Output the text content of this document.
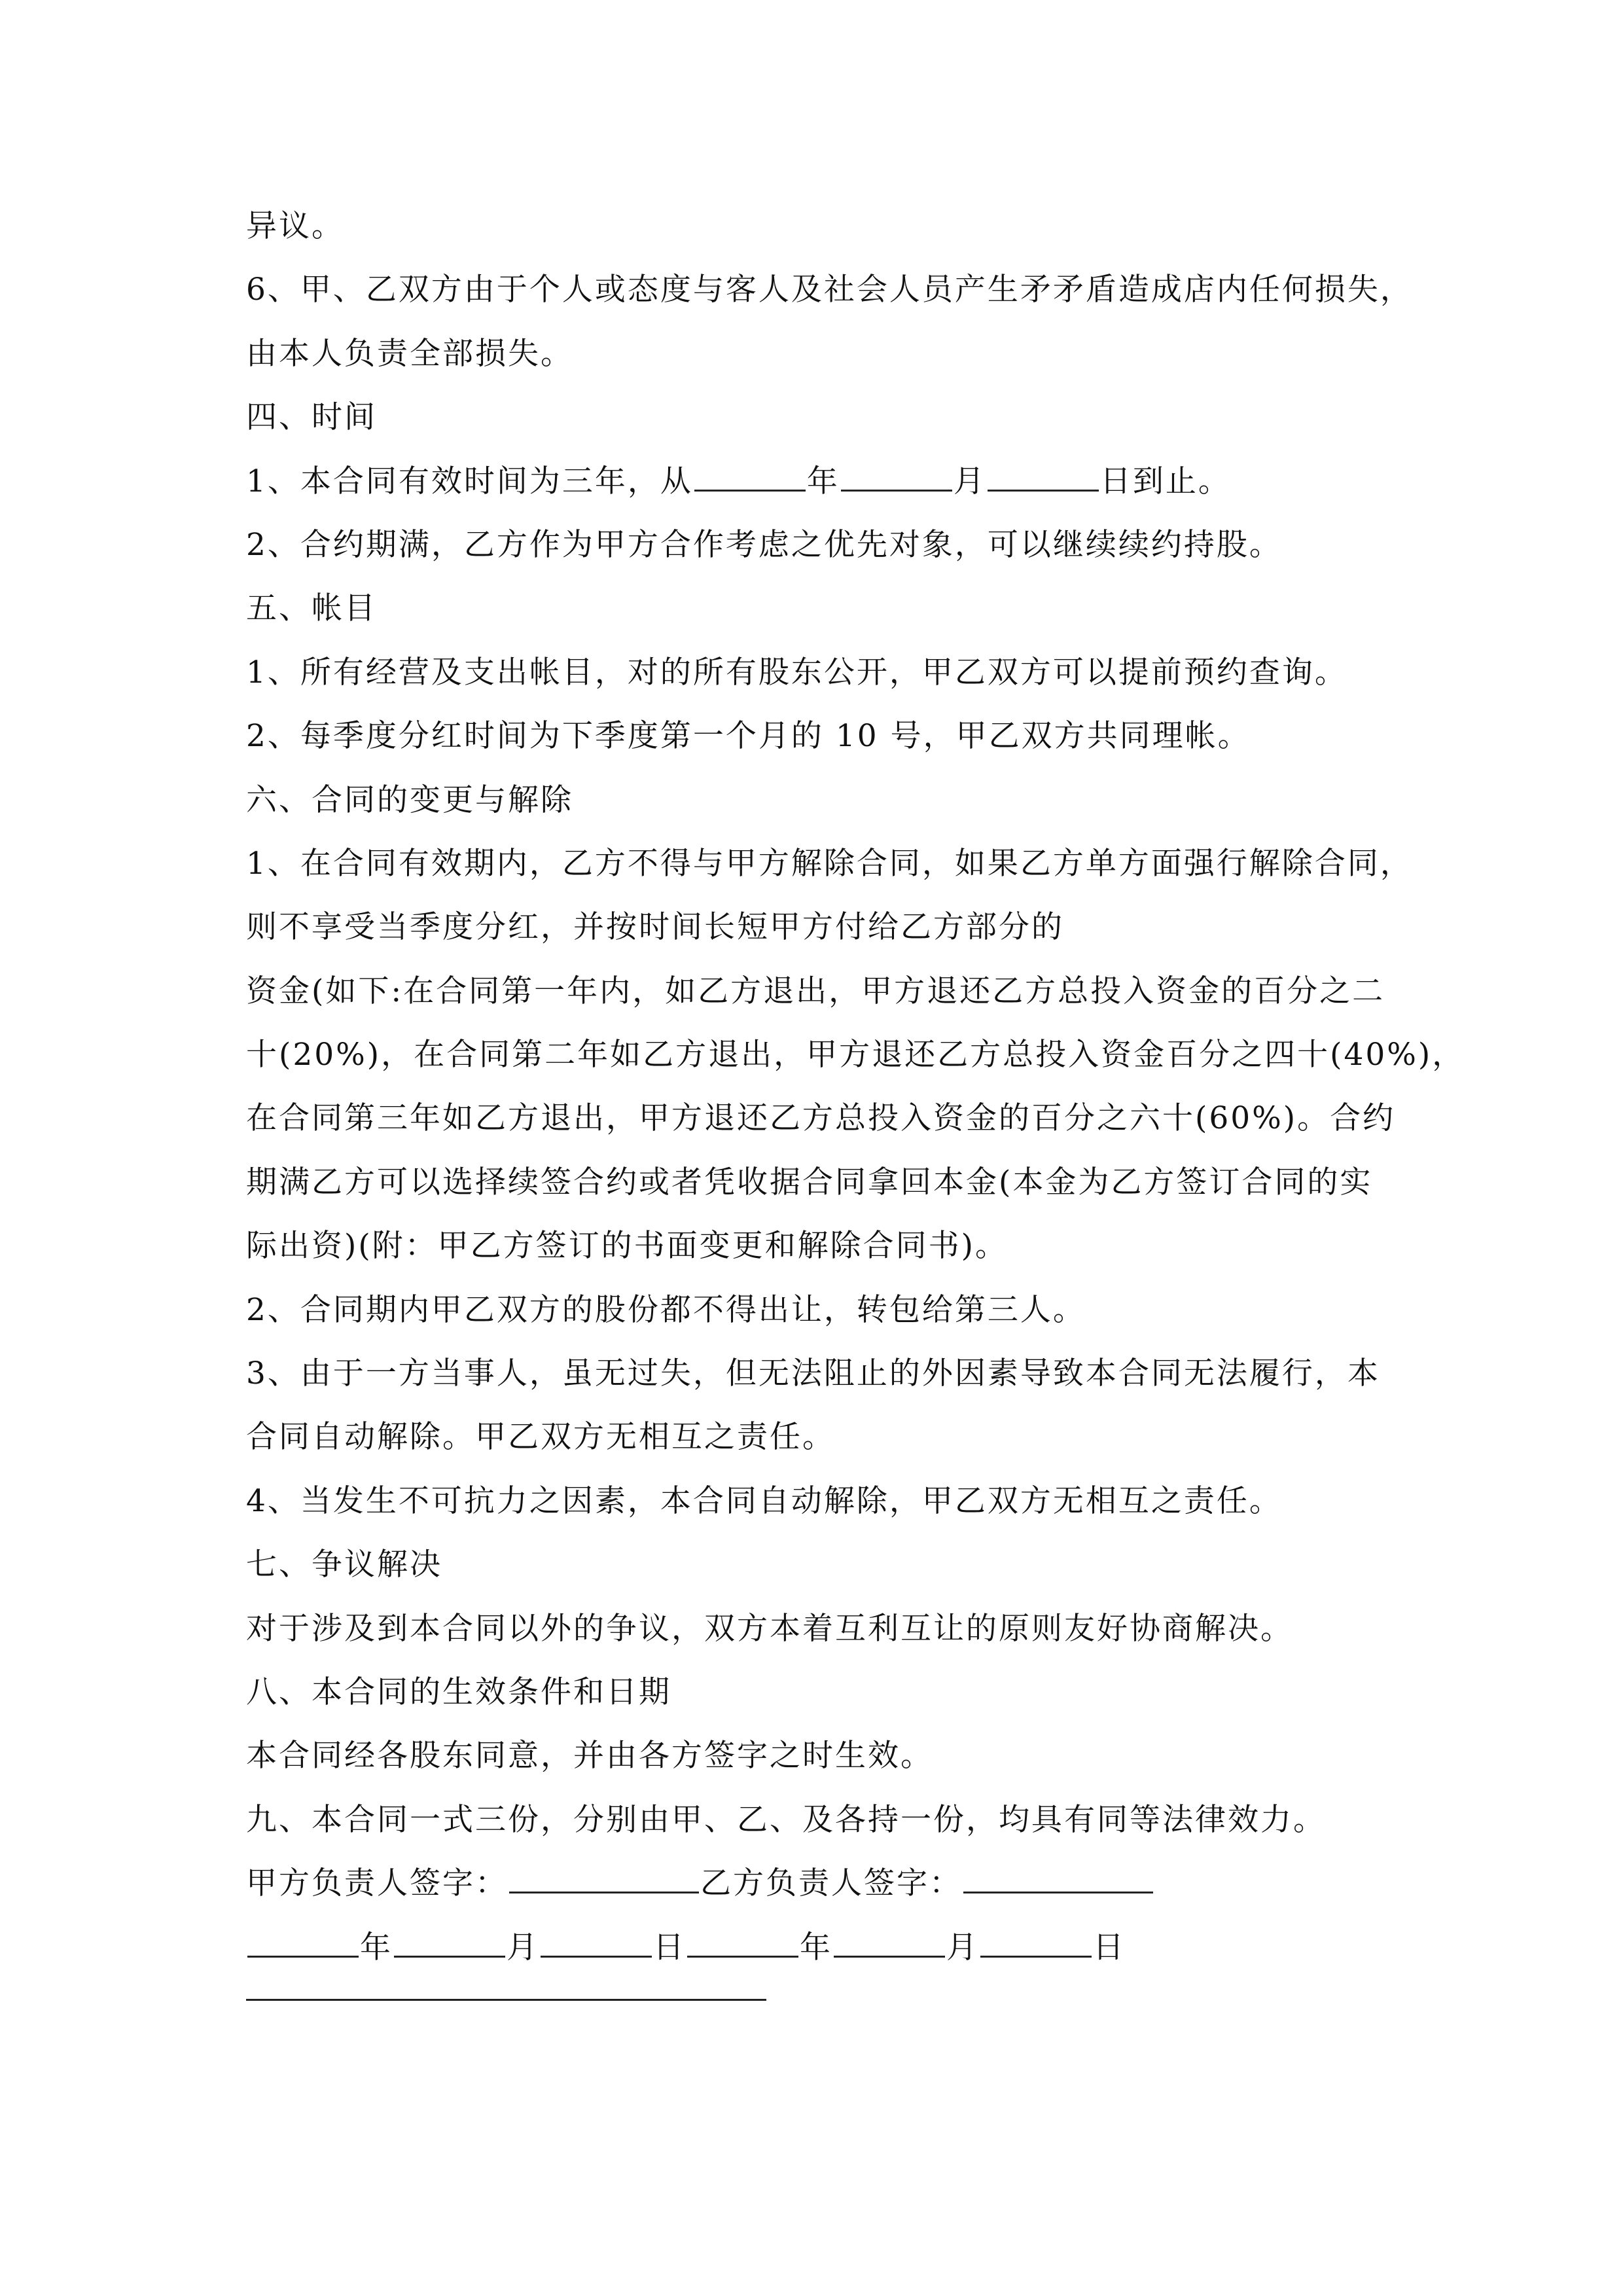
异议。
6、甲、乙双方由于个人或态度与客人及社会人员产生矛矛盾造成店内任何损失，
由本人负责全部损失。
四、时间
1、本合同有效时间为三年，从	年	月	日到止。
2、合约期满，乙方作为甲方合作考虑之优先对象，可以继续续约持股。
五、帐目
1、所有经营及支出帐目，对的所有股东公开，甲乙双方可以提前预约查询。
2、每季度分红时间为下季度第一个月的 10 号，甲乙双方共同理帐。
六、合同的变更与解除
1、在合同有效期内，乙方不得与甲方解除合同，如果乙方单方面强行解除合同，
则不享受当季度分红，并按时间长短甲方付给乙方部分的
资金(如下:在合同第一年内，如乙方退出，甲方退还乙方总投入资金的百分之二
十(20%)，在合同第二年如乙方退出，甲方退还乙方总投入资金百分之四十(40%)，
在合同第三年如乙方退出，甲方退还乙方总投入资金的百分之六十(60%)。合约
期满乙方可以选择续签合约或者凭收据合同拿回本金(本金为乙方签订合同的实
际出资)(附：甲乙方签订的书面变更和解除合同书)。
2、合同期内甲乙双方的股份都不得出让，转包给第三人。
3、由于一方当事人，虽无过失，但无法阻止的外因素导致本合同无法履行，本
合同自动解除。甲乙双方无相互之责任。
4、当发生不可抗力之因素，本合同自动解除，甲乙双方无相互之责任。
七、争议解决
对于涉及到本合同以外的争议，双方本着互利互让的原则友好协商解决。
八、本合同的生效条件和日期
本合同经各股东同意，并由各方签字之时生效。
九、本合同一式三份，分别由甲、乙、及各持一份，均具有同等法律效力。
甲方负责人签字：	乙方负责人签字：
年	月	日	年	月	日
